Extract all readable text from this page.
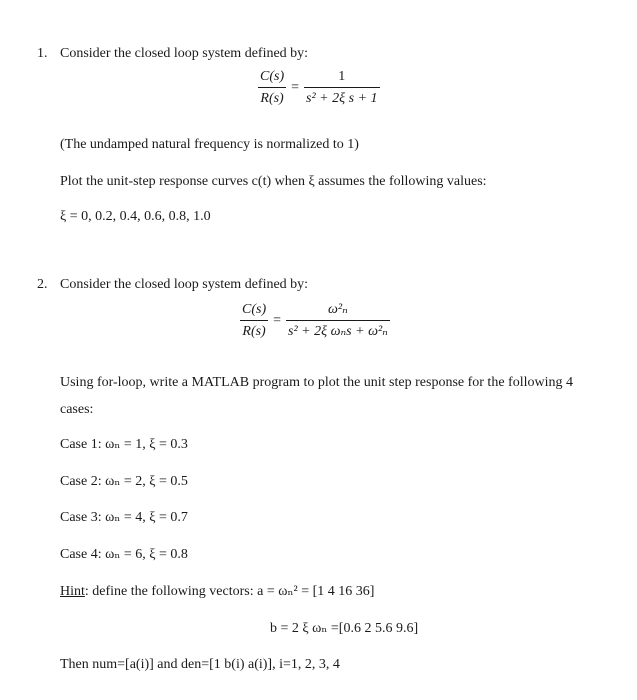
1. Consider the closed loop system defined by:
C(s)
R(s)
=
1
s² + 2ξ s + 1
(The undamped natural frequency is normalized to 1)
Plot the unit-step response curves c(t) when ξ assumes the following values:
ξ = 0, 0.2, 0.4, 0.6, 0.8, 1.0
2. Consider the closed loop system defined by:
C(s)
R(s)
=
ω²ₙ
s² + 2ξ ωₙs + ω²ₙ
Using for-loop, write a MATLAB program to plot the unit step response for the following 4
cases:
Case 1: ωₙ = 1, ξ = 0.3
Case 2: ωₙ = 2, ξ = 0.5
Case 3: ωₙ = 4, ξ = 0.7
Case 4: ωₙ = 6, ξ = 0.8
Hint: define the following vectors: a = ωₙ² = [1 4 16 36]
b = 2 ξ ωₙ =[0.6 2 5.6 9.6]
Then num=[a(i)] and den=[1 b(i) a(i)], i=1, 2, 3, 4
